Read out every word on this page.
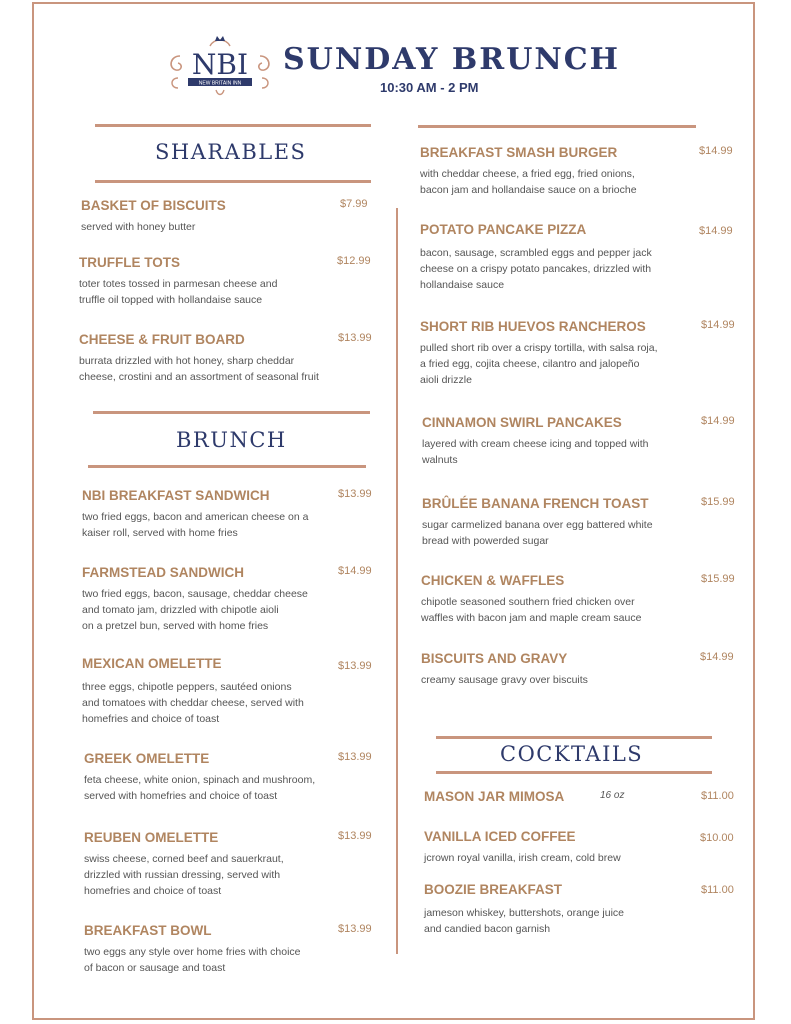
NEW BRITAIN INN
NBI SUNDAY BRUNCH
10:30 AM - 2 PM
SHARABLES
BRUNCH
COCKTAILS
BASKET OF BISCUITS	$7.99
served with honey butter
TRUFFLE TOTS	$12.99
toter totes tossed in parmesan cheese and
truffle oil topped with hollandaise sauce
CHEESE & FRUIT BOARD	$13.99
burrata drizzled with hot honey, sharp cheddar
cheese, crostini and an assortment of seasonal fruit
NBI BREAKFAST SANDWICH	$13.99
two fried eggs, bacon and american cheese on a
kaiser roll, served with home fries
FARMSTEAD SANDWICH	$14.99
two fried eggs, bacon, sausage, cheddar cheese
and tomato jam, drizzled with chipotle aioli
on a pretzel bun, served with home fries
MEXICAN OMELETTE	$13.99
three eggs, chipotle peppers, sautéed onions
and tomatoes with cheddar cheese, served with
homefries and choice of toast
GREEK OMELETTE	$13.99
feta cheese, white onion, spinach and mushroom,
served with homefries and choice of toast
REUBEN OMELETTE	$13.99
swiss cheese, corned beef and sauerkraut,
drizzled with russian dressing, served with
homefries and choice of toast
BREAKFAST BOWL	$13.99
two eggs any style over home fries with choice
of bacon or sausage and toast
BREAKFAST SMASH BURGER	$14.99
with cheddar cheese, a fried egg, fried onions,
bacon jam and hollandaise sauce on a brioche
POTATO PANCAKE PIZZA	$14.99
bacon, sausage, scrambled eggs and pepper jack
cheese on a crispy potato pancakes, drizzled with
hollandaise sauce
SHORT RIB HUEVOS RANCHEROS	$14.99
pulled short rib over a crispy tortilla, with salsa roja,
a fried egg, cojita cheese, cilantro and jalopeño
aioli drizzle
CINNAMON SWIRL PANCAKES	$14.99
layered with cream cheese icing and topped with
walnuts
BRÛLÉE BANANA FRENCH TOAST	$15.99
sugar carmelized banana over egg battered white
bread with powerded sugar
CHICKEN & WAFFLES	$15.99
chipotle seasoned southern fried chicken over
waffles with bacon jam and maple cream sauce
BISCUITS AND GRAVY	$14.99
creamy sausage gravy over biscuits
MASON JAR MIMOSA	16 oz	$11.00
VANILLA ICED COFFEE	$10.00
jcrown royal vanilla, irish cream, cold brew
BOOZIE BREAKFAST	$11.00
jameson whiskey, buttershots, orange juice
and candied bacon garnish
